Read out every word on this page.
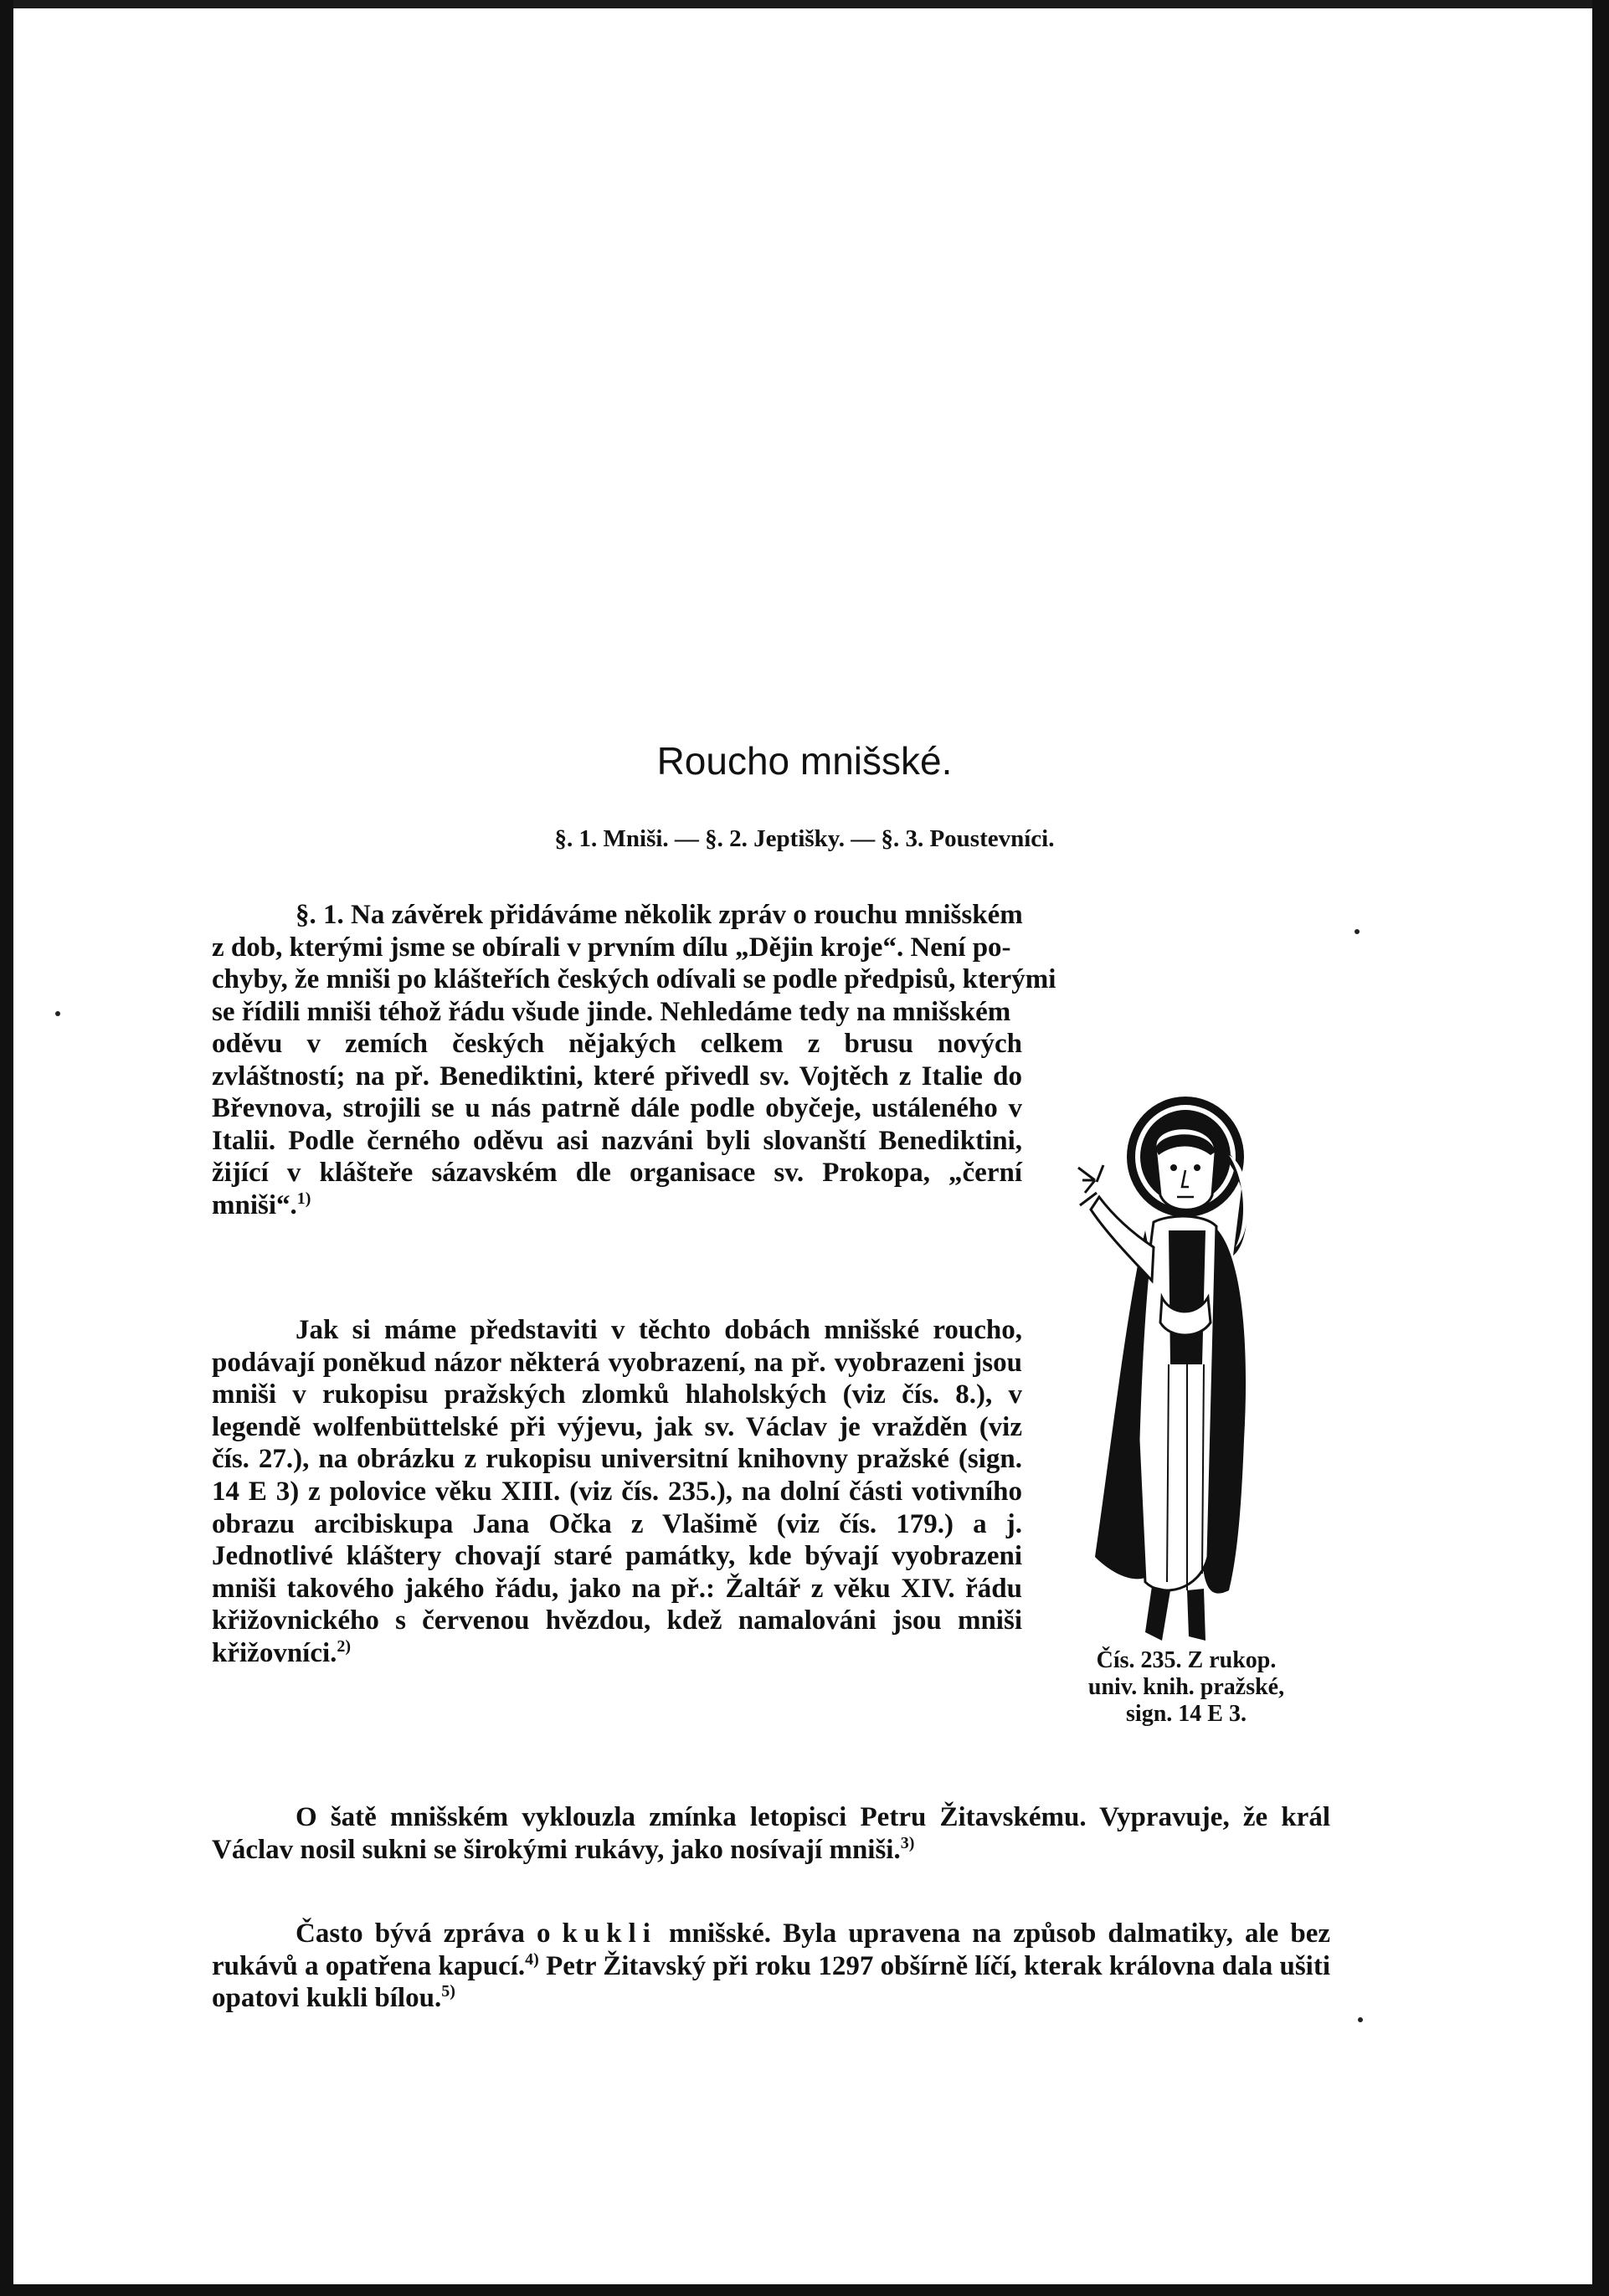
Roucho mnišské.

§. 1. Mniši. — §. 2. Jeptišky. — §. 3. Poustevníci.

§. 1. Na závěrek přidáváme několik zpráv o rouchu mnišském
z dob, kterými jsme se obírali v prvním dílu „Dějin kroje“. Není po-
chyby, že mniši po klášteřích českých odívali se podle předpisů, kterými
se řídili mniši téhož řádu všude jinde. Nehledáme tedy na mnišském
oděvu v zemích českých nějakých celkem z brusu nových zvláštností; na př. Benediktini, které přivedl sv. Vojtěch z Italie do Břevnova, strojili se u nás patrně dále podle obyčeje, ustáleného v Italii. Podle černého oděvu asi nazváni byli slovanští Benediktini, žijící v klášteře sázavském dle organisace sv. Prokopa, „černí mniši“.$^{1)}$
Jak si máme představiti v těchto dobách mnišské roucho, podávají poněkud názor některá vyobrazení, na př. vyobrazeni jsou mniši v rukopisu pražských zlomků hlaholských (viz čís. 8.), v legendě wolfenbüttelské při výjevu, jak sv. Václav je vražděn (viz čís. 27.), na obrázku z rukopisu universitní knihovny pražské (sign. 14 E 3) z polovice věku XIII. (viz čís. 235.), na dolní části votivního obrazu arcibiskupa Jana Očka z Vlašimě (viz čís. 179.) a j. Jednotlivé kláštery chovají staré památky, kde bývají vyobrazeni mniši takového jakého řádu, jako na př.: Žaltář z věku XIV. řádu křižovnického s červenou hvězdou, kdež namalováni jsou mniši křižovníci.$^{2)}$
O šatě mnišském vyklouzla zmínka letopisci Petru Žitavskému. Vypravuje, že král Václav nosil sukni se širokými rukávy, jako nosívají mniši.$^{3)}$
Často bývá zpráva o kukli mnišské. Byla upravena na způsob dalmatiky, ale bez rukávů a opatřena kapucí.$^{4)}$ Petr Žitavský při roku 1297 obšírně líčí, kterak královna dala ušiti opatovi kukli bílou.$^{5)}$
Čís. 235. Z rukop.
univ. knih. pražské,
sign. 14 E 3.
